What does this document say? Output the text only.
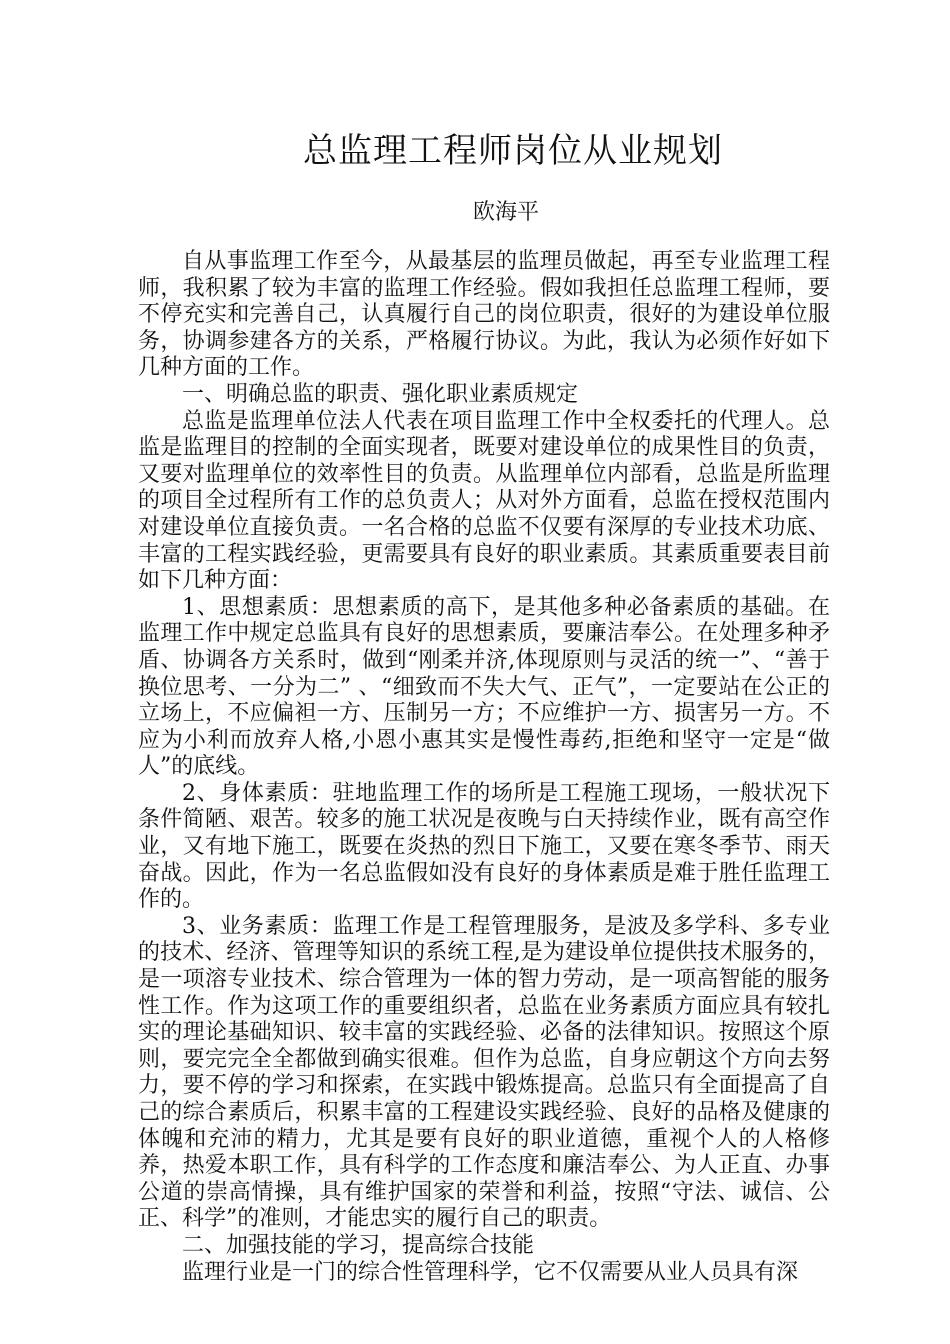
总监理工程师岗位从业规划
欧海平

自从事监理工作至今，从最基层的监理员做起，再至专业监理工程师，我积累了较为丰富的监理工作经验。假如我担任总监理工程师，要不停充实和完善自己，认真履行自己的岗位职责，很好的为建设单位服务，协调参建各方的关系，严格履行协议。为此，我认为必须作好如下几种方面的工作。

一、明确总监的职责、强化职业素质规定

总监是监理单位法人代表在项目监理工作中全权委托的代理人。总监是监理目的控制的全面实现者，既要对建设单位的成果性目的负责，又要对监理单位的效率性目的负责。从监理单位内部看，总监是所监理的项目全过程所有工作的总负责人；从对外方面看，总监在授权范围内对建设单位直接负责。一名合格的总监不仅要有深厚的专业技术功底、丰富的工程实践经验，更需要具有良好的职业素质。其素质重要表目前如下几种方面：

1、思想素质：思想素质的高下，是其他多种必备素质的基础。在监理工作中规定总监具有良好的思想素质，要廉洁奉公。在处理多种矛盾、协调各方关系时，做到“刚柔并济,体现原则与灵活的统一”、“善于换位思考、一分为二” 、“细致而不失大气、正气”，一定要站在公正的立场上，不应偏袒一方、压制另一方；不应维护一方、损害另一方。不应为小利而放弃人格,小恩小惠其实是慢性毒药,拒绝和坚守一定是“做人”的底线。

2、身体素质：驻地监理工作的场所是工程施工现场，一般状况下条件简陋、艰苦。较多的施工状况是夜晚与白天持续作业，既有高空作业，又有地下施工，既要在炎热的烈日下施工，又要在寒冬季节、雨天奋战。因此，作为一名总监假如没有良好的身体素质是难于胜任监理工作的。

3、业务素质：监理工作是工程管理服务，是波及多学科、多专业的技术、经济、管理等知识的系统工程,是为建设单位提供技术服务的，是一项溶专业技术、综合管理为一体的智力劳动，是一项高智能的服务性工作。作为这项工作的重要组织者，总监在业务素质方面应具有较扎实的理论基础知识、较丰富的实践经验、必备的法律知识。按照这个原则，要完完全全都做到确实很难。但作为总监，自身应朝这个方向去努力，要不停的学习和探索，在实践中锻炼提高。总监只有全面提高了自己的综合素质后，积累丰富的工程建设实践经验、良好的品格及健康的体魄和充沛的精力，尤其是要有良好的职业道德，重视个人的人格修养，热爱本职工作，具有科学的工作态度和廉洁奉公、为人正直、办事公道的崇高情操，具有维护国家的荣誉和利益，按照“守法、诚信、公正、科学”的准则，才能忠实的履行自己的职责。

二、加强技能的学习，提高综合技能

监理行业是一门的综合性管理科学，它不仅需要从业人员具有深
